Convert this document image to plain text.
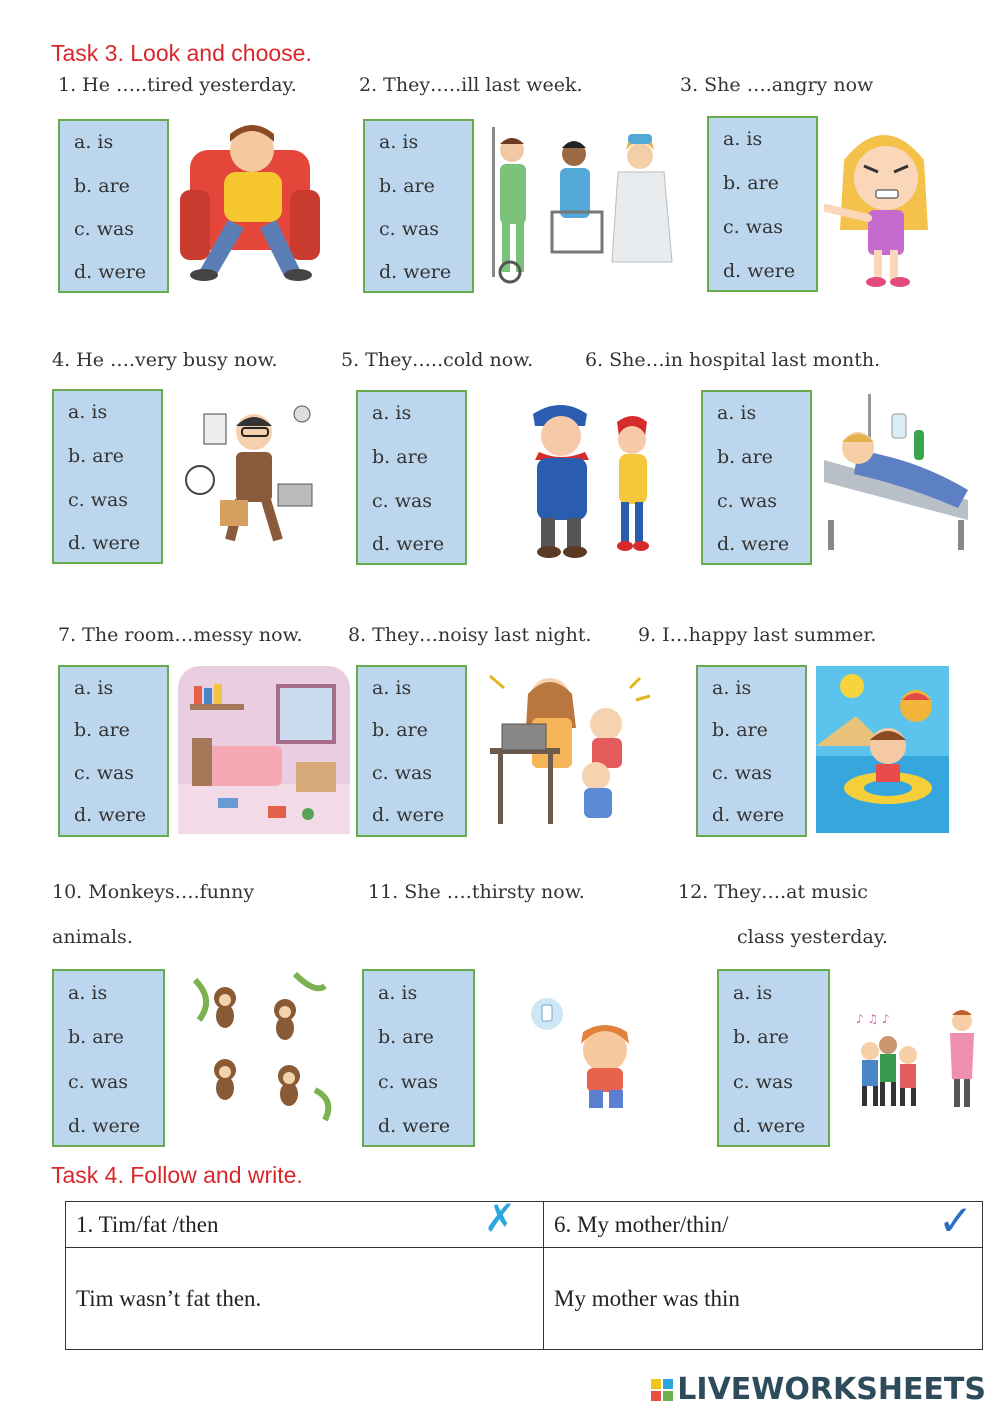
Task 3. Look and choose.
1. He …..tired yesterday.	2. They…..ill last week.	3. She ….angry now
4. He ….very busy now.	5. They…..cold now.	6. She…in hospital last month.
7. The room…messy now. 8. They…noisy last night. 9. I…happy last summer.
10. Monkeys….funny
animals.
11. She ….thirsty now.	12. They….at music
class yesterday.
a. is
b. are
c. was
d. were
a. is
b. are
c. was
d. were
a. is
b. are
c. was
d. were
a. is
b. are
c. was
d. were
a. is
b. are
c. was
d. were
a. is
b. are
c. was
d. were
a. is
b. are
c. was
d. were
a. is
b. are
c. was
d. were
a. is
b. are
c. was
d. were
a. is
b. are
c. was
d. were
a. is
b. are
c. was
d. were
a. is
b. are
c. was
d. were
♪ ♫ ♪
Task 4. Follow and write.
1. Tim/fat /then	6. My mother/thin/
Tim wasn’t fat then.	My mother was thin
✗	✓
LIVEWORKSHEETS
